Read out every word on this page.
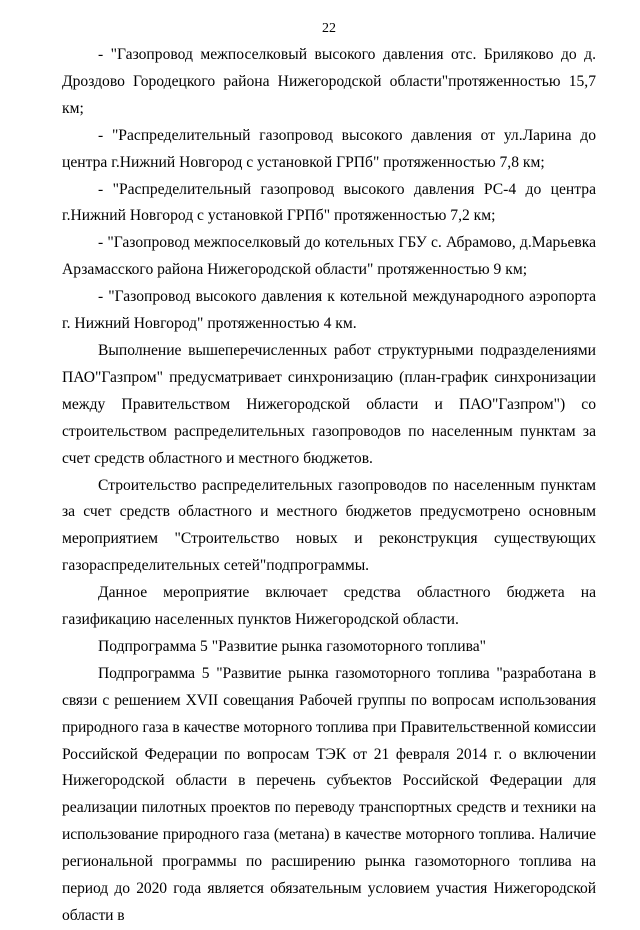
22

- "Газопровод межпоселковый высокого давления отс. Бриляково до д. Дроздово Городецкого района Нижегородской области"протяженностью 15,7 км;

- "Распределительный газопровод высокого давления от ул.Ларина до центра г.Нижний Новгород с установкой ГРПб" протяженностью 7,8 км;

- "Распределительный газопровод высокого давления РС-4 до центра г.Нижний Новгород с установкой ГРПб" протяженностью 7,2 км;

- "Газопровод межпоселковый до котельных ГБУ с. Абрамово, д.Марьевка Арзамасского района Нижегородской области" протяженностью 9 км;

- "Газопровод высокого давления к котельной международного аэропорта г. Нижний Новгород" протяженностью 4 км.

Выполнение вышеперечисленных работ структурными подразделениями ПАО"Газпром" предусматривает синхронизацию (план-график синхронизации между Правительством Нижегородской области и ПАО"Газпром") со строительством распределительных газопроводов по населенным пунктам за счет средств областного и местного бюджетов.

Строительство распределительных газопроводов по населенным пунктам за счет средств областного и местного бюджетов предусмотрено основным мероприятием "Строительство новых и реконструкция существующих газораспределительных сетей"подпрограммы.

Данное мероприятие включает средства областного бюджета на газификацию населенных пунктов Нижегородской области.

Подпрограмма 5 "Развитие рынка газомоторного топлива"

Подпрограмма 5 "Развитие рынка газомоторного топлива "разработана в связи с решением XVII совещания Рабочей группы по вопросам использования природного газа в качестве моторного топлива при Правительственной комиссии Российской Федерации по вопросам ТЭК от 21 февраля 2014 г. о включении Нижегородской области в перечень субъектов Российской Федерации для реализации пилотных проектов по переводу транспортных средств и техники на использование природного газа (метана) в качестве моторного топлива. Наличие региональной программы по расширению рынка газомоторного топлива на период до 2020 года является обязательным условием участия Нижегородской области в
